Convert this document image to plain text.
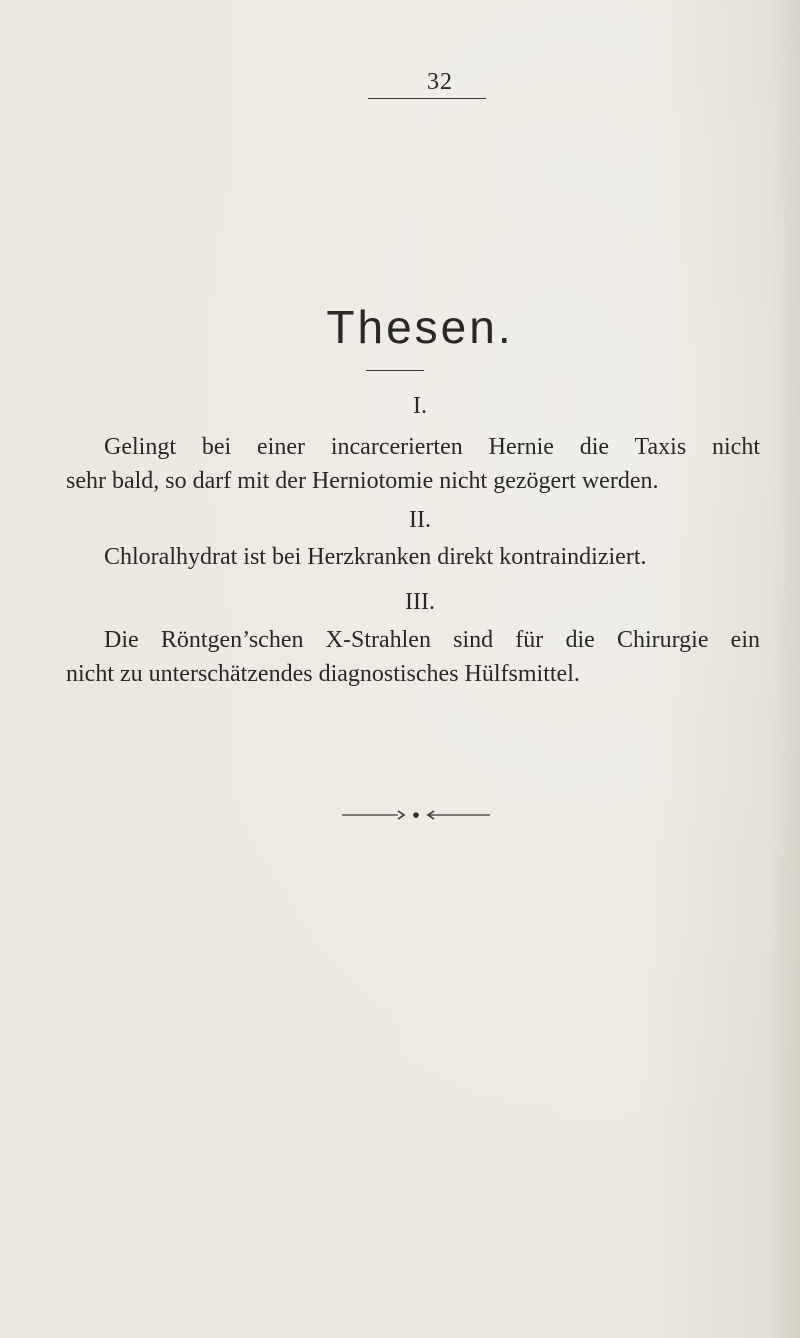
32
Thesen.
I.
Gelingt bei einer incarcerierten Hernie die Taxis nicht
sehr bald, so darf mit der Herniotomie nicht gezögert werden.
II.
Chloralhydrat ist bei Herzkranken direkt kontraindiziert.
III.
Die Röntgen’schen X-Strahlen sind für die Chirurgie ein
nicht zu unterschätzendes diagnostisches Hülfsmittel.
